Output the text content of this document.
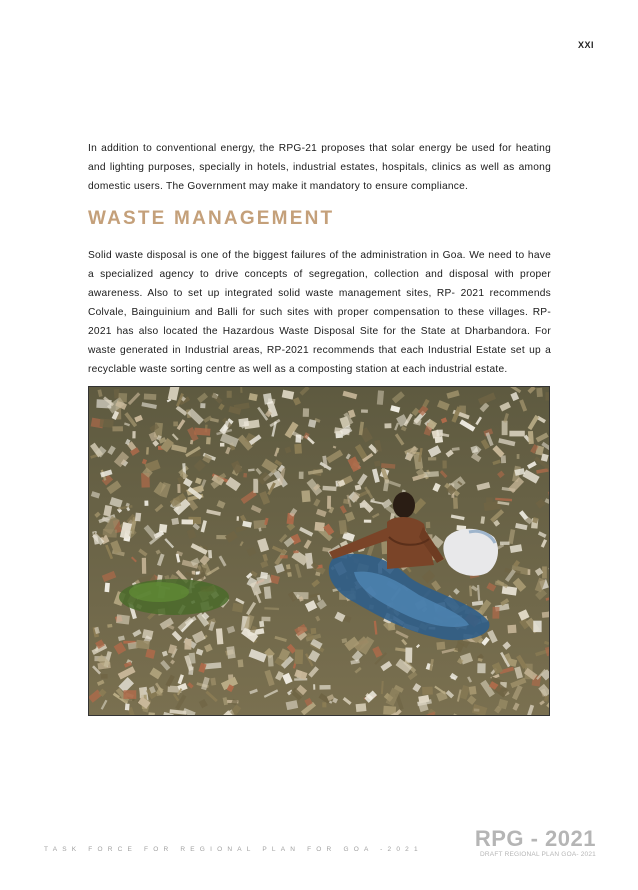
XXI

In addition to conventional energy, the RPG-21 proposes that solar energy be used for heating and lighting purposes, specially in hotels, industrial estates, hospitals, clinics as well as among domestic users. The Government may make it mandatory to ensure compliance.

WASTE MANAGEMENT

Solid waste disposal is one of the biggest failures of the administration in Goa. We need to have a specialized agency to drive concepts of segregation, collection and disposal with proper awareness. Also to set up integrated solid waste management sites, RP- 2021 recommends Colvale, Bainguinium and Balli for such sites with proper compensation to these villages. RP-2021 has also located the Hazardous Waste Disposal Site for the State at Dharbandora. For waste generated in Industrial areas, RP-2021 recommends that each Industrial Estate set up a recyclable waste sorting centre as well as a composting station at each industrial estate.

TASK FORCE FOR REGIONAL PLAN FOR GOA -2021 RPG - 2021
DRAFT REGIONAL PLAN GOA- 2021
